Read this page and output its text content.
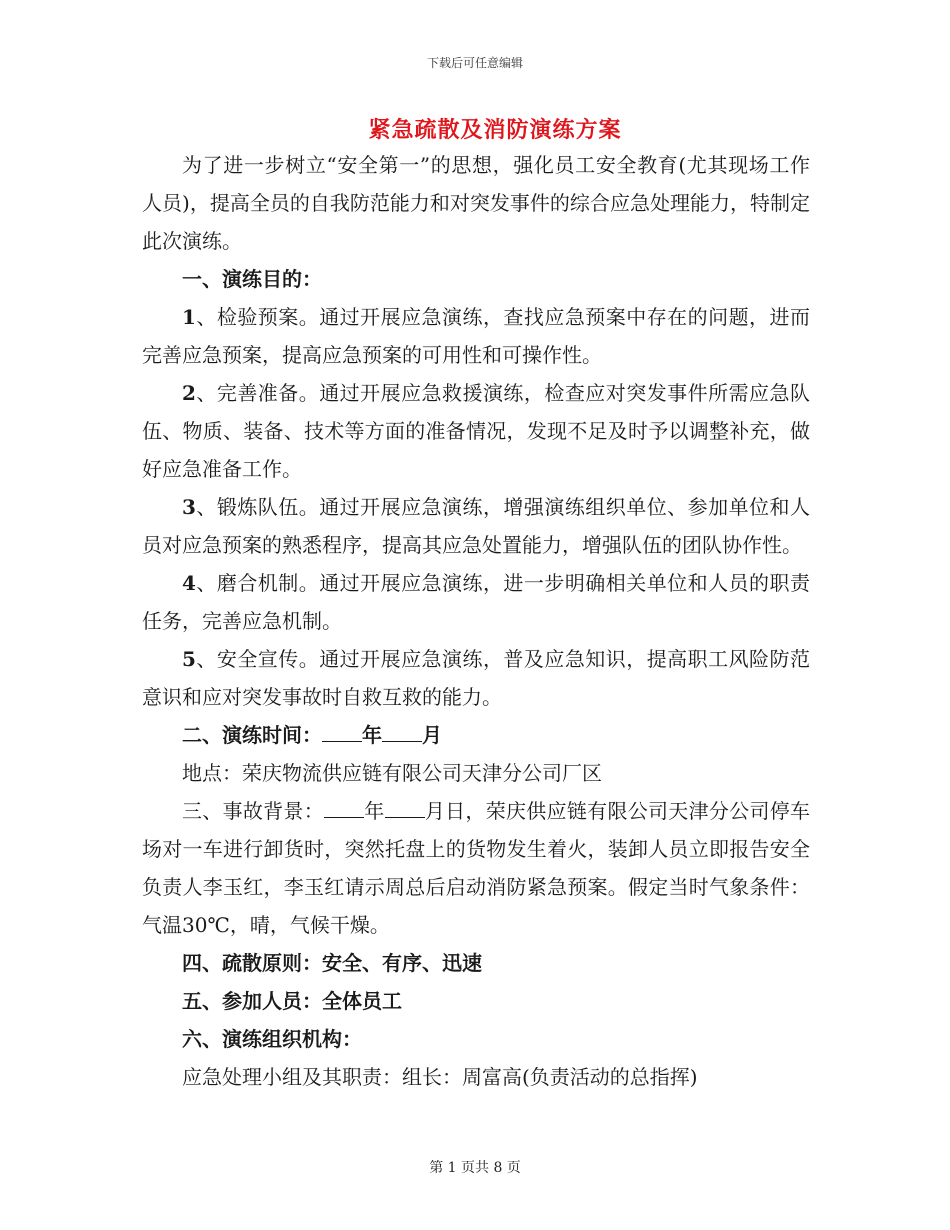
下载后可任意编辑
紧急疏散及消防演练方案

为了进一步树立“安全第一”的思想，强化员工安全教育(尤其现场工作人员)，提高全员的自我防范能力和对突发事件的综合应急处理能力，特制定此次演练。

一、演练目的：

1、检验预案。通过开展应急演练，查找应急预案中存在的问题，进而完善应急预案，提高应急预案的可用性和可操作性。

2、完善准备。通过开展应急救援演练，检查应对突发事件所需应急队伍、物质、装备、技术等方面的准备情况，发现不足及时予以调整补充，做好应急准备工作。

3、锻炼队伍。通过开展应急演练，增强演练组织单位、参加单位和人员对应急预案的熟悉程序，提高其应急处置能力，增强队伍的团队协作性。

4、磨合机制。通过开展应急演练，进一步明确相关单位和人员的职责任务，完善应急机制。

5、安全宣传。通过开展应急演练，普及应急知识，提高职工风险防范意识和应对突发事故时自救互救的能力。

二、演练时间： 年 月

地点：荣庆物流供应链有限公司天津分公司厂区

三、事故背景： 年 月日，荣庆供应链有限公司天津分公司停车场对一车进行卸货时，突然托盘上的货物发生着火，装卸人员立即报告安全负责人李玉红，李玉红请示周总后启动消防紧急预案。假定当时气象条件：气温30℃，晴，气候干燥。

四、疏散原则：安全、有序、迅速

五、参加人员：全体员工

六、演练组织机构：

应急处理小组及其职责：组长：周富高(负责活动的总指挥)

第 1 页共 8 页
